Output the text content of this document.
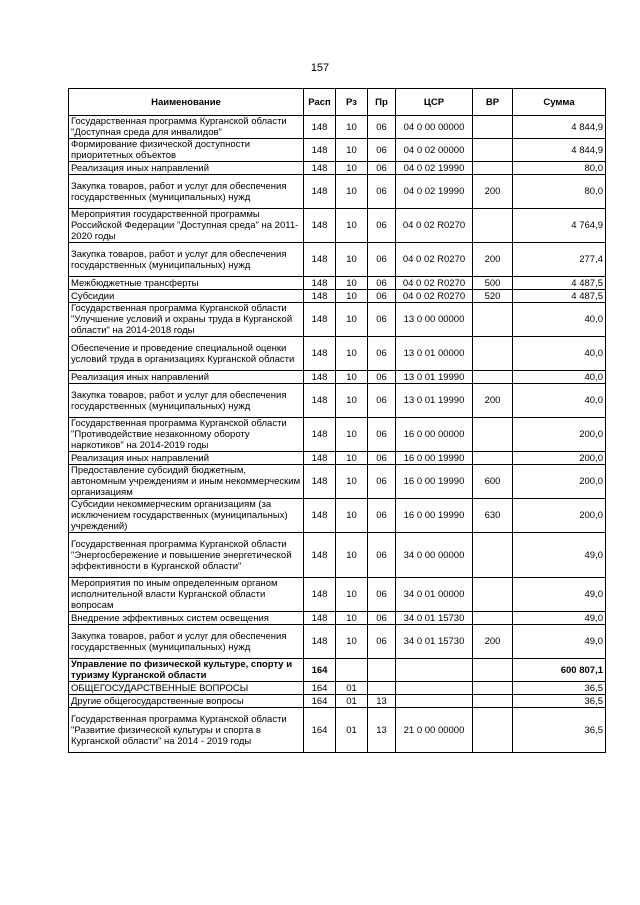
157
Наименование	Расп	Рз	Пр	ЦСР	ВР	Сумма
Государственная программа Курганской области "Доступная среда для инвалидов"	148	10	06	04 0 00 00000		4 844,9
Формирование физической доступности приоритетных объектов	148	10	06	04 0 02 00000		4 844,9
Реализация иных направлений	148	10	06	04 0 02 19990		80,0
Закупка товаров, работ и услуг для обеспечения государственных (муниципальных) нужд	148	10	06	04 0 02 19990	200	80,0
Мероприятия государственной программы Российской Федерации "Доступная среда" на 2011-2020 годы	148	10	06	04 0 02 R0270		4 764,9
Закупка товаров, работ и услуг для обеспечения государственных (муниципальных) нужд	148	10	06	04 0 02 R0270	200	277,4
Межбюджетные трансферты	148	10	06	04 0 02 R0270	500	4 487,5
Субсидии	148	10	06	04 0 02 R0270	520	4 487,5
Государственная программа Курганской области "Улучшение условий и охраны труда в Курганской области" на 2014-2018 годы	148	10	06	13 0 00 00000		40,0
Обеспечение и проведение специальной оценки условий труда в организациях Курганской области	148	10	06	13 0 01 00000		40,0
Реализация иных направлений	148	10	06	13 0 01 19990		40,0
Закупка товаров, работ и услуг для обеспечения государственных (муниципальных) нужд	148	10	06	13 0 01 19990	200	40,0
Государственная программа Курганской области "Противодействие незаконному обороту наркотиков" на 2014-2019 годы	148	10	06	16 0 00 00000		200,0
Реализация иных направлений	148	10	06	16 0 00 19990		200,0
Предоставление субсидий бюджетным, автономным учреждениям и иным некоммерческим организациям	148	10	06	16 0 00 19990	600	200,0
Субсидии некоммерческим организациям (за исключением государственных (муниципальных) учреждений)	148	10	06	16 0 00 19990	630	200,0
Государственная программа Курганской области "Энергосбережение и повышение энергетической эффективности в Курганской области"	148	10	06	34 0 00 00000		49,0
Мероприятия по иным определенным органом исполнительной власти Курганской области вопросам	148	10	06	34 0 01 00000		49,0
Внедрение эффективных систем освещения	148	10	06	34 0 01 15730		49,0
Закупка товаров, работ и услуг для обеспечения государственных (муниципальных) нужд	148	10	06	34 0 01 15730	200	49,0
Управление по физической культуре, спорту и туризму Курганской области	164					600 807,1
ОБЩЕГОСУДАРСТВЕННЫЕ ВОПРОСЫ	164	01				36,5
Другие общегосударственные вопросы	164	01	13			36,5
Государственная программа Курганской области "Развитие физической культуры и спорта в Курганской области" на 2014 - 2019 годы	164	01	13	21 0 00 00000		36,5
